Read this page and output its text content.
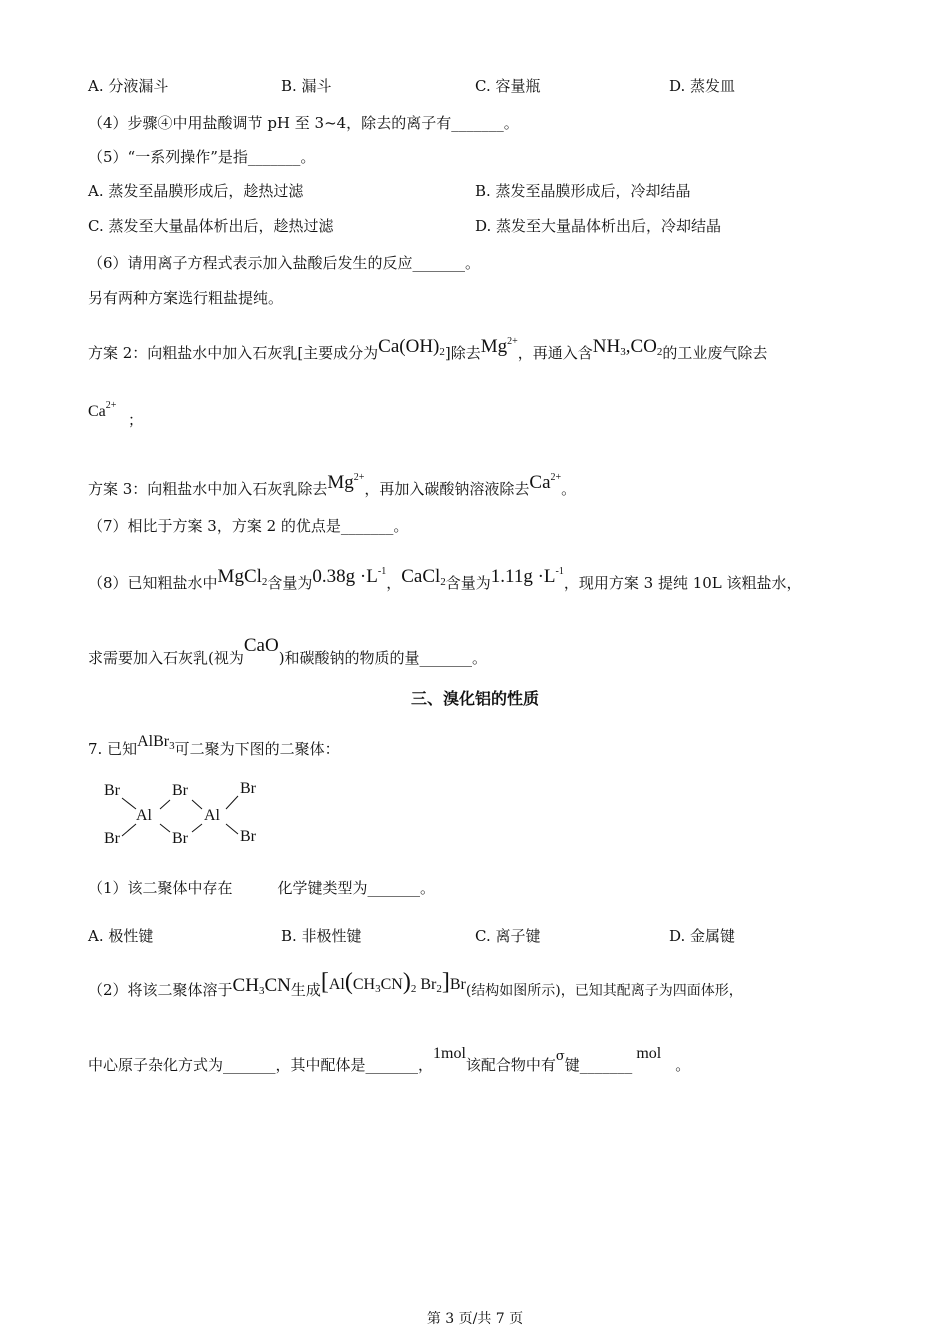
A. 分液漏斗	B. 漏斗	C. 容量瓶	D. 蒸发皿
（4）步骤④中用盐酸调节 pH 至 3~4，除去的离子有_______。
（5）“一系列操作”是指_______。
A. 蒸发至晶膜形成后，趁热过滤	B. 蒸发至晶膜形成后，冷却结晶
C. 蒸发至大量晶体析出后，趁热过滤	D. 蒸发至大量晶体析出后，冷却结晶
（6）请用离子方程式表示加入盐酸后发生的反应_______。
另有两种方案选行粗盐提纯。
方案 2：向粗盐水中加入石灰乳[主要成分为$Ca(OH)_2$]除去$Mg^{2+}$，再通入含$NH_3,CO_2$的工业废气除去
$Ca^{2+}$
；
方案 3：向粗盐水中加入石灰乳除去$Mg^{2+}$，再加入碳酸钠溶液除去$Ca^{2+}$。
（7）相比于方案 3，方案 2 的优点是_______。
（8）已知粗盐水中MgCl$_2$含量为$0.38g \cdot L^{-1}$，CaCl$_2$含量为$1.11g \cdot L^{-1}$，现用方案 3 提纯 10L 该粗盐水，
求需要加入石灰乳(视为CaO)和碳酸钠的物质的量_______。
三、溴化铝的性质
7. 已知AlBr$_3$可二聚为下图的二聚体：
Br	Br	Br
Al	Al
Br	Br	Br
（1）该二聚体中存在　　　化学键类型为_______。
A. 极性键	B. 非极性键	C. 离子键	D. 金属键
（2）将该二聚体溶于$CH_3CN$生成[$Al(CH_3CN)_2$ $Br_2]Br$(结构如图所示)，已知其配离子为四面体形，
中心原子杂化方式为_______，其中配体是_______，1mol该配合物中有σ键_______mol。
第 3 页/共 7 页
